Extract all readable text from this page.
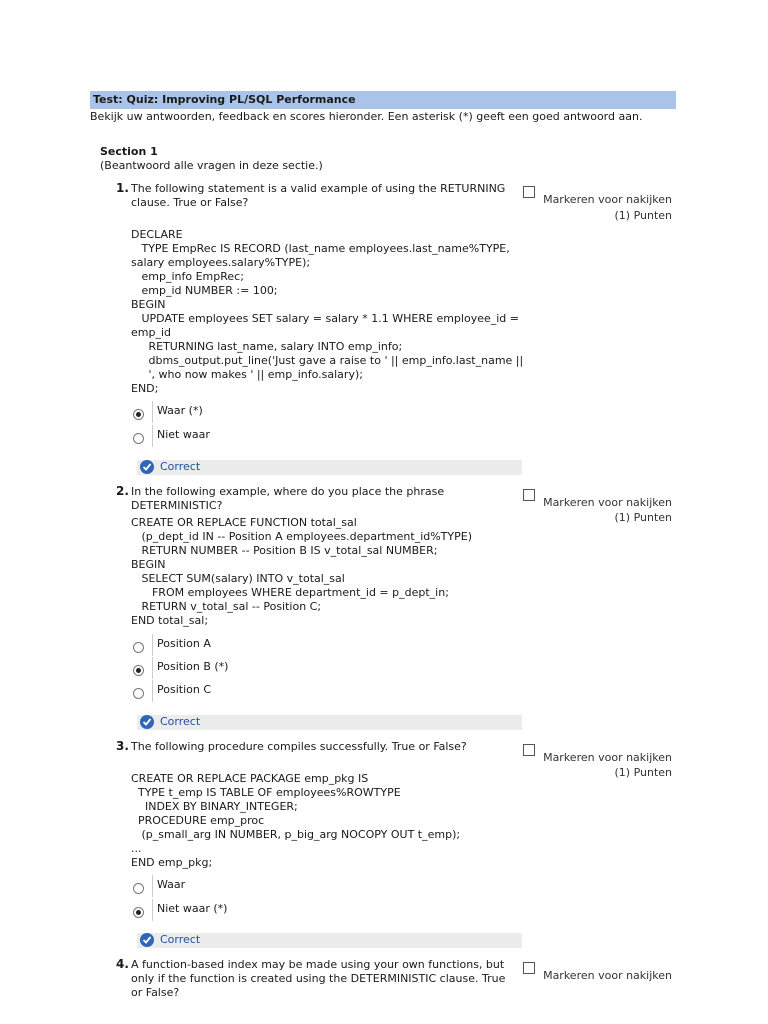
Test: Quiz: Improving PL/SQL Performance
Bekijk uw antwoorden, feedback en scores hieronder. Een asterisk (*) geeft een goed antwoord aan.
Section 1
(Beantwoord alle vragen in deze sectie.)
1. The following statement is a valid example of using the RETURNING clause. True or False?	Markeren voor nakijken
(1) Punten
DECLARE
TYPE EmpRec IS RECORD (last_name employees.last_name%TYPE,
salary employees.salary%TYPE);
emp_info EmpRec;
emp_id NUMBER := 100;
BEGIN
UPDATE employees SET salary = salary * 1.1 WHERE employee_id =
emp_id
RETURNING last_name, salary INTO emp_info;
dbms_output.put_line('Just gave a raise to ' || emp_info.last_name ||
', who now makes ' || emp_info.salary);
END;
Waar (*)
Niet waar
Correct
2. In the following example, where do you place the phrase DETERMINISTIC?	Markeren voor nakijken
(1) Punten
CREATE OR REPLACE FUNCTION total_sal
(p_dept_id IN -- Position A employees.department_id%TYPE)
RETURN NUMBER -- Position B IS v_total_sal NUMBER;
BEGIN
SELECT SUM(salary) INTO v_total_sal
FROM employees WHERE department_id = p_dept_in;
RETURN v_total_sal -- Position C;
END total_sal;
Position A
Position B (*)
Position C
Correct
3. The following procedure compiles successfully. True or False?
Markeren voor nakijken
(1) Punten
CREATE OR REPLACE PACKAGE emp_pkg IS
TYPE t_emp IS TABLE OF employees%ROWTYPE
INDEX BY BINARY_INTEGER;
PROCEDURE emp_proc
(p_small_arg IN NUMBER, p_big_arg NOCOPY OUT t_emp);
...
END emp_pkg;
Waar
Niet waar (*)
Correct
4. A function-based index may be made using your own functions, but only if the function is created using the DETERMINISTIC clause. True or False?
Markeren voor nakijken
